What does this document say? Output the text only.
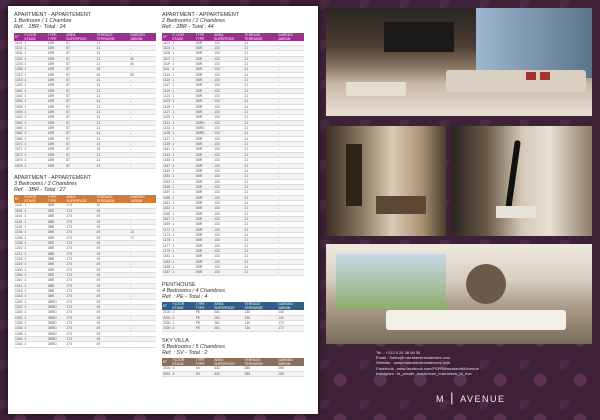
APARTMENT - APPARTEMENT
1 Bedroom / 1 Chambre
Ref. : 1BR - Total : 24
N°	FLOOR ETAGE	TYPE TYPE	AREA SUPERFICIE	TERRACE TERRASSE	GARDEN JARDIN
1102	1	1BR	87	21	-
1104	1	1BR	87	21	-
1106	1	1BR	87	21	-
1201	1	1BR	87	21	30
1203	1	1BR	87	21	30
1308	1	1BR	87	25	-
1312	1	1BR	87	25	30
1318	1	1BR	87	21	-
1320	1	1BR	87	21	-
1401	1	1BR	87	21	-
1402	1	1BR	87	21	-
1504	1	1BR	87	21	-
1505	1	1BR	87	21	-
1506	1	1BR	87	21	-
1520	2	1BR	87	21	-
1540	2	1BR	87	21	-
1560	2	1BR	87	21	-
1562	2	1BR	87	21	-
1565	2	1BR	87	21	-
1570	2	1BR	87	15	-
1571	2	1BR	87	15	-
1572	2	1BR	87	21	-
1576	2	1BR	87	21	-
1578	2	1BR	87	21	-
APARTMENT - APPARTEMENT
3 Bedrooms / 3 Chambres
Ref. : 3BR - Total : 27
N°	FLOOR ETAGE	TYPE TYPE	AREA SUPERFICIE	TERRACE TERRASSE	GARDEN JARDIN
1100	1	3BR	173	29	-
1108	1	3BR	173	29	-
1114	1	3BR	173	29	-
1116	1	3BR	173	29	-
1118	1	3BR	173	29	-
1204	1	3BR	173	29	13
1206	1	3BR	173	29	72
1208	1	3BR	173	29	-
1210	1	3BR	173	29	-
1212	2	3BR	173	29	-
1218	2	3BR	173	29	-
1224	2	3BR	173	29	-
1300	2	3BR	173	29	-
1304	2	3BR	173	29	-
1310	2	3BR	173	29	-
1314	2	3BR	173	29	-
1316	2	3BR	173	29	-
1318	2	3BR	173	29	-
1320	2	3BRD	173	29	-
1322	2	3BRD	173	29	-
1330	2	3BRD	173	29	-
1332	2	3BRD	173	29	-
1334	2	3BRD	173	29	-
1336	2	3BRD	173	29	-
1338	2	3BRD	173	29	-
1340	2	3BRD	173	29	-
1342	2	3BRD	173	29	-
APARTMENT - APPARTEMENT
2 Bedrooms / 2 Chambres
Ref. : 2BR - Total : 44
N°	FLOOR ETAGE	TYPE TYPE	AREA SUPERFICIE	TERRACE TERRASSE	GARDEN JARDIN
1101	1	2BR	133	21	-
1103	1	2BR	133	21	-
1105	1	2BR	133	21	-
1107	1	2BR	133	21	-
1109	1	2BR	133	21	-
1111	1	2BR	133	21	-
1113	1	2BR	133	21	-
1115	1	2BR	133	21	-
1117	1	2BR	133	21	-
1119	1	2BR	133	21	-
1121	1	2BR	133	21	-
1123	1	2BR	133	21	-
1125	1	2BR	133	21	-
1127	1	2BR	133	21	-
1129	1	2BR	133	21	-
1131	1	2BRD	133	21	-
1133	1	2BRD	133	21	-
1135	1	2BRD	133	21	-
1137	1	2BR	133	21	-
1139	1	2BR	133	21	-
1141	1	2BR	133	21	-
1143	1	2BR	133	21	-
1145	1	2BR	133	21	-
1147	1	2BR	133	21	-
1149	1	2BR	133	21	-
1151	1	2BR	133	21	-
1153	1	2BR	133	21	-
1155	1	2BR	133	21	-
1157	1	2BR	133	21	-
1159	1	2BR	133	21	-
1161	1	2BR	133	21	-
1163	1	2BR	133	21	-
1165	1	2BR	133	21	-
1167	1	2BR	133	21	-
1169	1	2BR	133	21	-
1171	1	2BR	133	21	-
1173	1	2BR	133	21	-
1175	1	2BR	133	21	-
1177	1	2BR	133	21	-
1179	1	2BR	133	21	-
1181	1	2BR	133	21	-
1183	1	2BR	133	21	-
1185	1	2BR	133	21	-
1187	1	2BR	133	21	-
PENTHOUSE
4 Bedrooms / 4 Chambres
Ref. : PE - Total : 4
N°	FLOOR ETAGE	TYPE TYPE	AREA SUPERFICIE	TERRACE TERRASSE	GARDEN JARDIN
2100	2	PE	281	130	140
2200	2	PE	281	130	140
2300	2	PE	281	130	172
2400	2	PE	281	130	172
SKY VILLA
5 Bedrooms / 5 Chambres
Ref. : SV - Total : 2
N°	FLOOR ETAGE	TYPE TYPE	AREA SUPERFICIE	TERRACE TERRASSE	GARDEN JARDIN
2500	3	SV	432	285	290
2501	3	SV	432	285	290
Tel. : +212 5 24 38 08 30
Email : Sales@marrakechresidences.com
Website : www.marrakechresidences.com
Facebook : www.facebook.com/FSPRMarrakechMAvenue
Instagram : fs_private_residences_marrakech_M_Ave
M | AVENUE
